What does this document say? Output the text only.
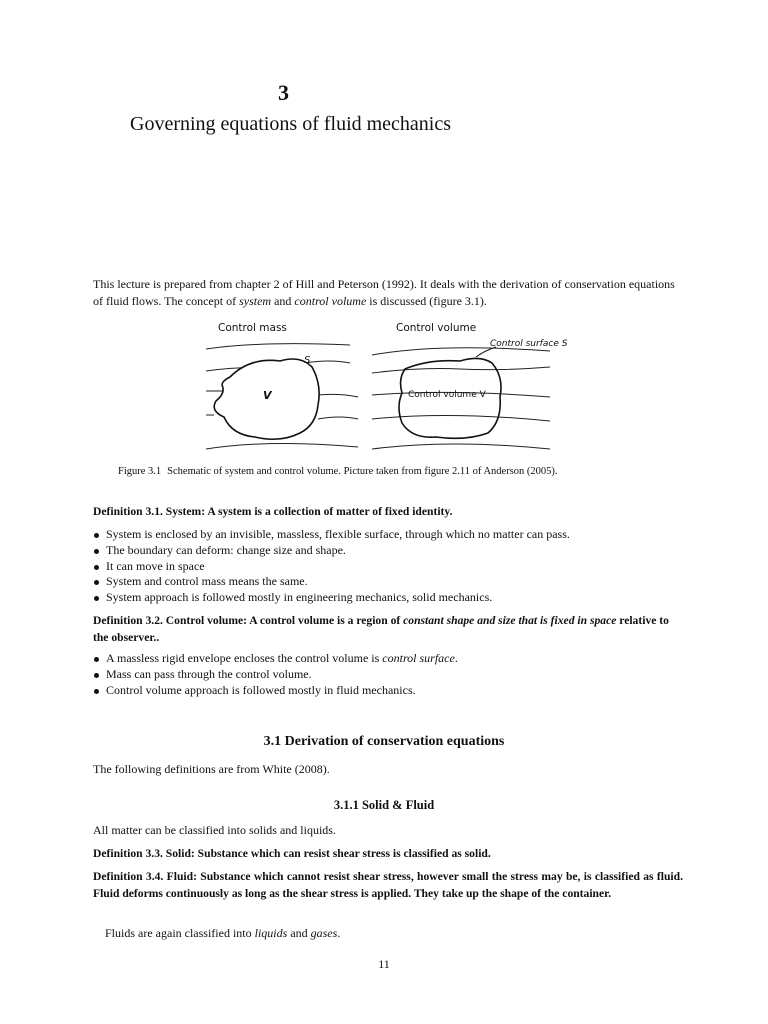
3
Governing equations of fluid mechanics
This lecture is prepared from chapter 2 of Hill and Peterson (1992). It deals with the derivation of conservation equations of fluid flows. The concept of system and control volume is discussed (figure 3.1).
Control mass
V
S
Control volume
Control surface S
Control volume V
Figure 3.1 Schematic of system and control volume. Picture taken from figure 2.11 of Anderson (2005).
Definition 3.1. System: A system is a collection of matter of fixed identity.
System is enclosed by an invisible, massless, flexible surface, through which no matter can pass.
The boundary can deform: change size and shape.
It can move in space
System and control mass means the same.
System approach is followed mostly in engineering mechanics, solid mechanics.
Definition 3.2. Control volume: A control volume is a region of constant shape and size that is fixed in space relative to the observer..
A massless rigid envelope encloses the control volume is control surface.
Mass can pass through the control volume.
Control volume approach is followed mostly in fluid mechanics.
3.1 Derivation of conservation equations
The following definitions are from White (2008).
3.1.1 Solid & Fluid
All matter can be classified into solids and liquids.
Definition 3.3. Solid: Substance which can resist shear stress is classified as solid.
Definition 3.4. Fluid: Substance which cannot resist shear stress, however small the stress may be, is classified as fluid. Fluid deforms continuously as long as the shear stress is applied. They take up the shape of the container.
Fluids are again classified into liquids and gases.
11
